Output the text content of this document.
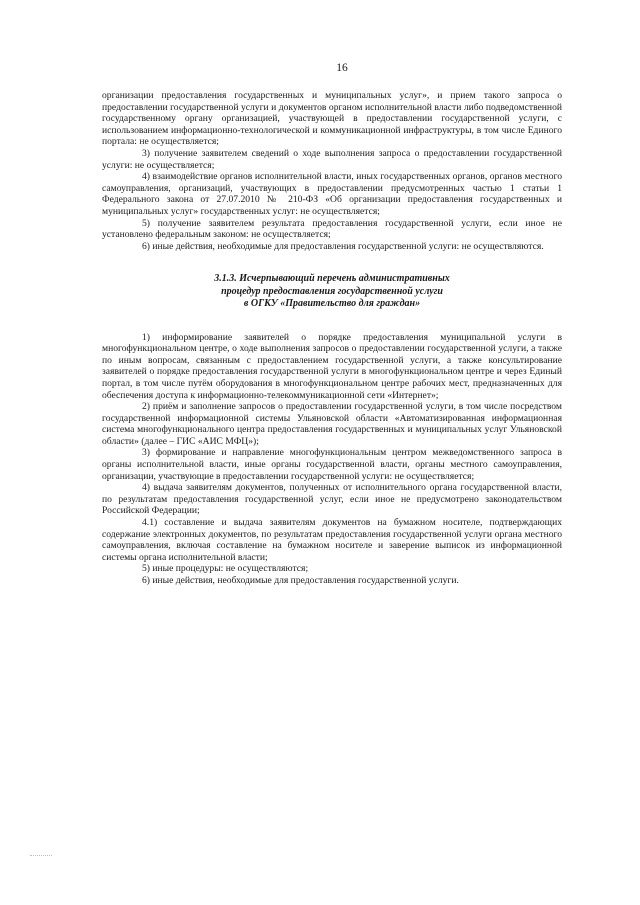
16

организации предоставления государственных и муниципальных услуг», и прием такого запроса о предоставлении государственной услуги и документов органом исполнительной власти либо подведомственной государственному органу организацией, участвующей в предоставлении государственной услуги, с использованием информационно-технологической и коммуникационной инфраструктуры, в том числе Единого портала: не осуществляется;

3) получение заявителем сведений о ходе выполнения запроса о предоставлении государственной услуги: не осуществляется;

4) взаимодействие органов исполнительной власти, иных государственных органов, органов местного самоуправления, организаций, участвующих в предоставлении предусмотренных частью 1 статьи 1 Федерального закона от 27.07.2010 № 210-ФЗ «Об организации предоставления государственных и муниципальных услуг» государственных услуг: не осуществляется;

5) получение заявителем результата предоставления государственной услуги, если иное не установлено федеральным законом: не осуществляется;

6) иные действия, необходимые для предоставления государственной услуги: не осуществляются.

3.1.3. Исчерпывающий перечень административных
процедур предоставления государственной услуги
в ОГКУ «Правительство для граждан»

1) информирование заявителей о порядке предоставления муниципальной услуги в многофункциональном центре, о ходе выполнения запросов о предоставлении государственной услуги, а также по иным вопросам, связанным с предоставлением государственной услуги, а также консультирование заявителей о порядке предоставления государственной услуги в многофункциональном центре и через Единый портал, в том числе путём оборудования в многофункциональном центре рабочих мест, предназначенных для обеспечения доступа к информационно-телекоммуникационной сети «Интернет»;

2) приём и заполнение запросов о предоставлении государственной услуги, в том числе посредством государственной информационной системы Ульяновской области «Автоматизированная информационная система многофункционального центра предоставления государственных и муниципальных услуг Ульяновской области» (далее – ГИС «АИС МФЦ»);

3) формирование и направление многофункциональным центром межведомственного запроса в органы исполнительной власти, иные органы государственной власти, органы местного самоуправления, организации, участвующие в предоставлении государственной услуги: не осуществляется;

4) выдача заявителям документов, полученных от исполнительного органа государственной власти, по результатам предоставления государственной услуг, если иное не предусмотрено законодательством Российской Федерации;

4.1) составление и выдача заявителям документов на бумажном носителе, подтверждающих содержание электронных документов, по результатам предоставления государственной услуги органа местного самоуправления, включая составление на бумажном носителе и заверение выписок из информационной системы органа исполнительной власти;

5) иные процедуры: не осуществляются;

6) иные действия, необходимые для предоставления государственной услуги.
